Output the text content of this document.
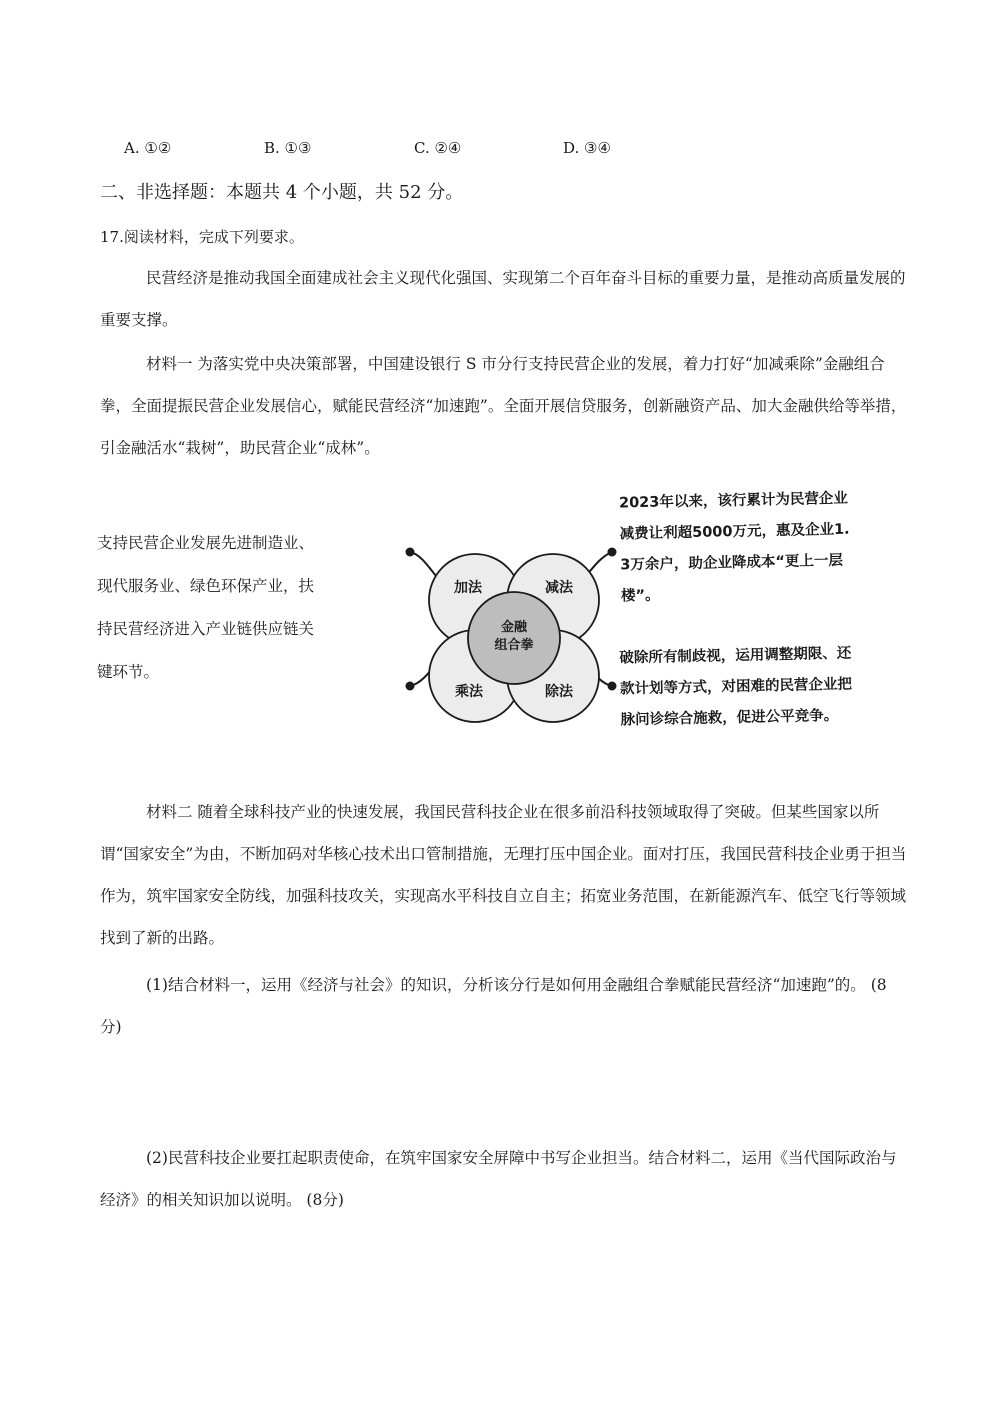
A. ①②	B. ①③	C. ②④	D. ③④

二、非选择题：本题共 4 个小题，共 52 分。

17.阅读材料，完成下列要求。

民营经济是推动我国全面建成社会主义现代化强国、实现第二个百年奋斗目标的重要力量，是推动高质量发展的重要支撑。

材料一 为落实党中央决策部署，中国建设银行 S 市分行支持民营企业的发展，着力打好“加减乘除”金融组合拳，全面提振民营企业发展信心，赋能民营经济“加速跑”。全面开展信贷服务，创新融资产品、加大金融供给等举措， 引金融活水“栽树”，助民营企业“成林”。

支持民营企业发展先进制造业、现代服务业、绿色环保产业，扶持民营经济进入产业链供应链关键环节。

加法	减法
乘法	除法
金融
组合拳

2023年以来，该行累计为民营企业减费让利超5000万元，惠及企业1.3万余户，助企业降成本“更上一层楼”。

破除所有制歧视，运用调整期限、还款计划等方式，对困难的民营企业把脉问诊综合施救，促进公平竞争。

材料二 随着全球科技产业的快速发展，我国民营科技企业在很多前沿科技领域取得了突破。但某些国家以所谓“国家安全”为由，不断加码对华核心技术出口管制措施，无理打压中国企业。面对打压，我国民营科技企业勇于担当作为，筑牢国家安全防线，加强科技攻关，实现高水平科技自立自主；拓宽业务范围，在新能源汽车、低空飞行等领域找到了新的出路。

(1)结合材料一，运用《经济与社会》的知识，分析该分行是如何用金融组合拳赋能民营经济“加速跑”的。 (8分)

(2)民营科技企业要扛起职责使命，在筑牢国家安全屏障中书写企业担当。结合材料二，运用《当代国际政治与经济》的相关知识加以说明。 (8分)
